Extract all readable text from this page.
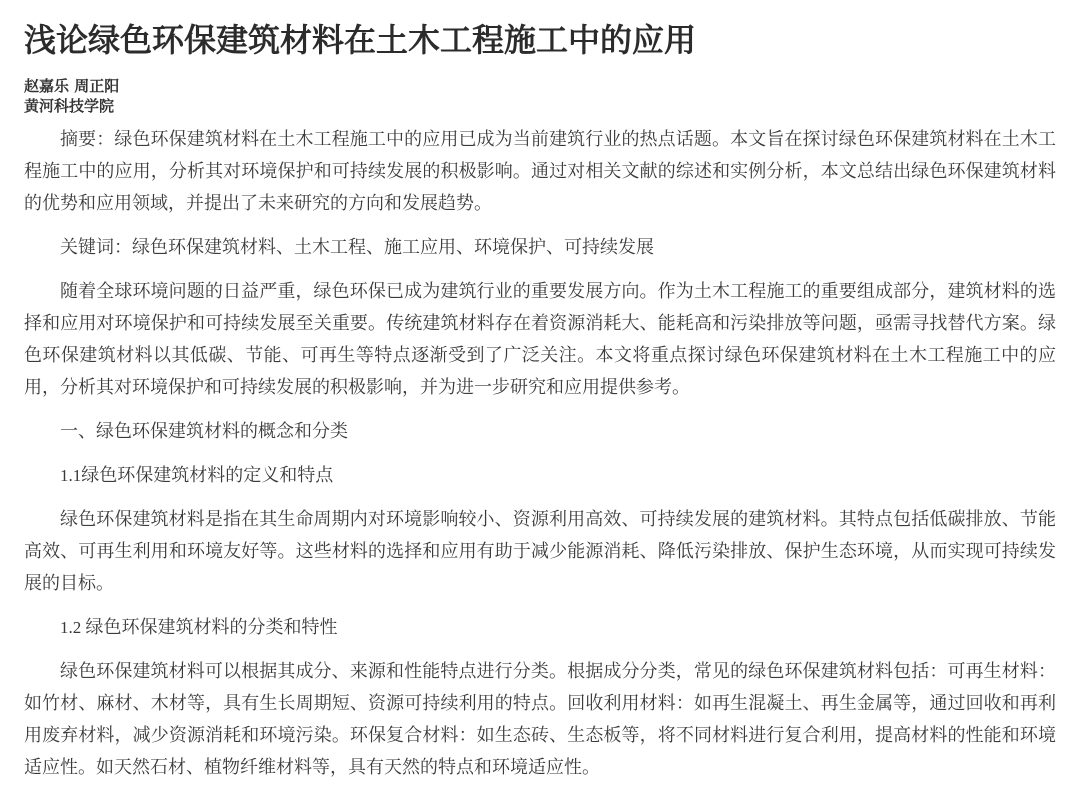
浅论绿色环保建筑材料在土木工程施工中的应用
赵嘉乐 周正阳
黄河科技学院

摘要：绿色环保建筑材料在土木工程施工中的应用已成为当前建筑行业的热点话题。本文旨在探讨绿色环保建筑材料在土木工程施工中的应用，分析其对环境保护和可持续发展的积极影响。通过对相关文献的综述和实例分析，本文总结出绿色环保建筑材料的优势和应用领域，并提出了未来研究的方向和发展趋势。

关键词：绿色环保建筑材料、土木工程、施工应用、环境保护、可持续发展

随着全球环境问题的日益严重，绿色环保已成为建筑行业的重要发展方向。作为土木工程施工的重要组成部分，建筑材料的选择和应用对环境保护和可持续发展至关重要。传统建筑材料存在着资源消耗大、能耗高和污染排放等问题，亟需寻找替代方案。绿色环保建筑材料以其低碳、节能、可再生等特点逐渐受到了广泛关注。本文将重点探讨绿色环保建筑材料在土木工程施工中的应用，分析其对环境保护和可持续发展的积极影响，并为进一步研究和应用提供参考。

一、绿色环保建筑材料的概念和分类

1.1绿色环保建筑材料的定义和特点

绿色环保建筑材料是指在其生命周期内对环境影响较小、资源利用高效、可持续发展的建筑材料。其特点包括低碳排放、节能高效、可再生利用和环境友好等。这些材料的选择和应用有助于减少能源消耗、降低污染排放、保护生态环境，从而实现可持续发展的目标。

1.2 绿色环保建筑材料的分类和特性

绿色环保建筑材料可以根据其成分、来源和性能特点进行分类。根据成分分类，常见的绿色环保建筑材料包括：可再生材料：如竹材、麻材、木材等，具有生长周期短、资源可持续利用的特点。回收利用材料：如再生混凝土、再生金属等，通过回收和再利用废弃材料，减少资源消耗和环境污染。环保复合材料：如生态砖、生态板等，将不同材料进行复合利用，提高材料的性能和环境适应性。如天然石材、植物纤维材料等，具有天然的特点和环境适应性。
